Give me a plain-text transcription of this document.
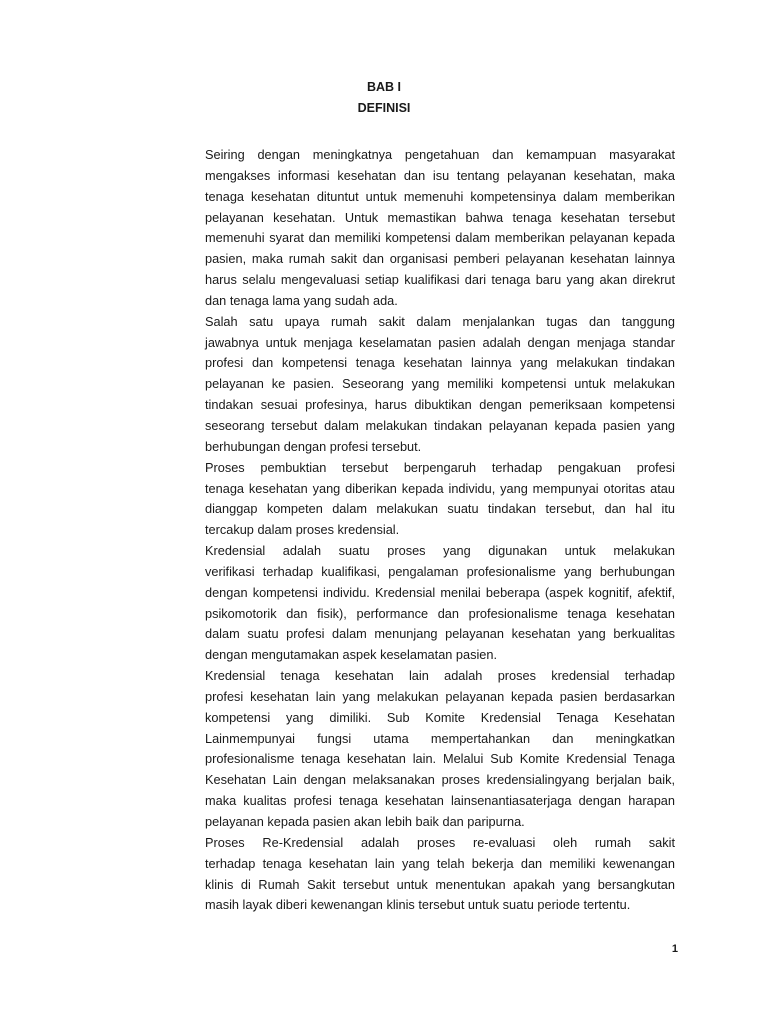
BAB I
DEFINISI

Seiring dengan meningkatnya pengetahuan dan kemampuan masyarakat
mengakses informasi kesehatan dan isu tentang pelayanan kesehatan, maka
tenaga kesehatan dituntut untuk memenuhi kompetensinya dalam memberikan
pelayanan kesehatan. Untuk memastikan bahwa tenaga kesehatan tersebut
memenuhi syarat dan memiliki kompetensi dalam memberikan pelayanan kepada
pasien, maka rumah sakit dan organisasi pemberi pelayanan kesehatan lainnya
harus selalu mengevaluasi setiap kualifikasi dari tenaga baru yang akan direkrut
dan tenaga lama yang sudah ada.

Salah satu upaya rumah sakit dalam menjalankan tugas dan tanggung
jawabnya untuk menjaga keselamatan pasien adalah dengan menjaga standar
profesi dan kompetensi tenaga kesehatan lainnya yang melakukan tindakan
pelayanan ke pasien. Seseorang yang memiliki kompetensi untuk melakukan
tindakan sesuai profesinya, harus dibuktikan dengan pemeriksaan kompetensi
seseorang tersebut dalam melakukan tindakan pelayanan kepada pasien yang
berhubungan dengan profesi tersebut.

Proses pembuktian tersebut berpengaruh terhadap pengakuan profesi
tenaga kesehatan yang diberikan kepada individu, yang mempunyai otoritas atau
dianggap kompeten dalam melakukan suatu tindakan tersebut, dan hal itu
tercakup dalam proses kredensial.

Kredensial adalah suatu proses yang digunakan untuk melakukan
verifikasi terhadap kualifikasi, pengalaman profesionalisme yang berhubungan
dengan kompetensi individu. Kredensial menilai beberapa (aspek kognitif, afektif,
psikomotorik dan fisik), performance dan profesionalisme tenaga kesehatan
dalam suatu profesi dalam menunjang pelayanan kesehatan yang berkualitas
dengan mengutamakan aspek keselamatan pasien.

Kredensial tenaga kesehatan lain adalah proses kredensial terhadap
profesi kesehatan lain yang melakukan pelayanan kepada pasien berdasarkan
kompetensi yang dimiliki. Sub Komite Kredensial Tenaga Kesehatan
Lainmempunyai fungsi utama mempertahankan dan meningkatkan
profesionalisme tenaga kesehatan lain. Melalui Sub Komite Kredensial Tenaga
Kesehatan Lain dengan melaksanakan proses kredensialingyang berjalan baik,
maka kualitas profesi tenaga kesehatan lainsenantiasaterjaga dengan harapan
pelayanan kepada pasien akan lebih baik dan paripurna.

Proses Re-Kredensial adalah proses re-evaluasi oleh rumah sakit
terhadap tenaga kesehatan lain yang telah bekerja dan memiliki kewenangan
klinis di Rumah Sakit tersebut untuk menentukan apakah yang bersangkutan
masih layak diberi kewenangan klinis tersebut untuk suatu periode tertentu.

1
